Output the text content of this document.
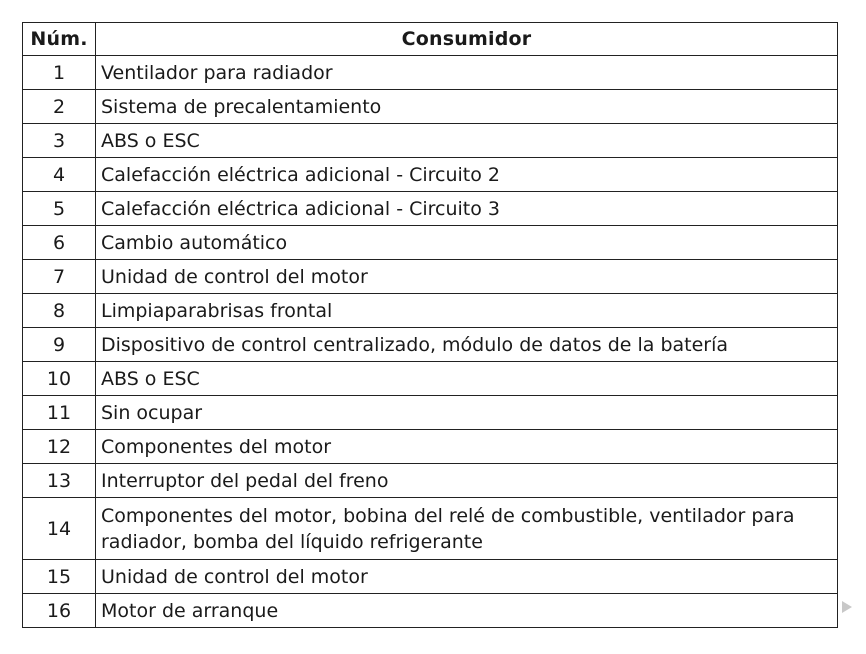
Núm.	Consumidor
1	Ventilador para radiador
2	Sistema de precalentamiento
3	ABS o ESC
4	Calefacción eléctrica adicional - Circuito 2
5	Calefacción eléctrica adicional - Circuito 3
6	Cambio automático
7	Unidad de control del motor
8	Limpiaparabrisas frontal
9	Dispositivo de control centralizado, módulo de datos de la batería
10	ABS o ESC
11	Sin ocupar
12	Componentes del motor
13	Interruptor del pedal del freno
14	Componentes del motor, bobina del relé de combustible, ventilador para radiador, bomba del líquido refrigerante
15	Unidad de control del motor
16	Motor de arranque
